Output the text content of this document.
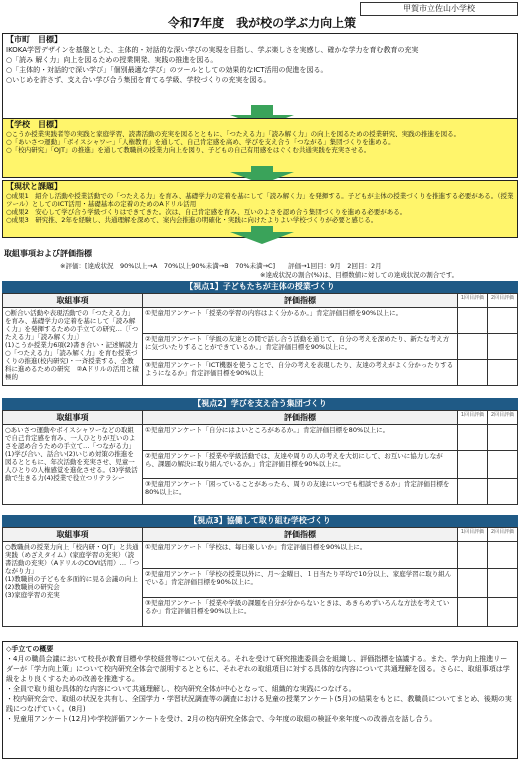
甲賀市立佐山小学校
令和7年度　我が校の学ぶ力向上策
【市町　目標】
IKOKA学習デザインを基盤とした、主体的・対話的な深い学びの実現を目指し、学ぶ楽しさを実感し、確かな学力を育む教育の充実
○「読み 解く力」向上を図るための授業開発、実践の推進を図る。
○「主体的・対話的で深い学び」「個別最適な学び」のツールとしての効果的なICT活用の促進を図る。
○いじめを許さず、支え合い学び合う集団を育てる学級、学校づくりの充実を図る。
【学校　目標】
○こうか授業実践者等の実践と家庭学習、読書活動の充実を図るとともに、「つたえる力」「読み解く力」の向上を図るための授業研究、実践の推進を図る。
○「あいさつ運動」「ボイスシャワー」「人権教育」を通して、自己肯定感を高め、学びを支え合う「つながる」集団づくりを進める。
○「校内研究」「OJT」の推進」を通して教職員の授業力向上を図り、子どもの自己有用感をはぐくむ共通実践を充実させる。
【現状と課題】
○成果1　紹介し活動や授業活動での「つたえる力」を育み、基礎学力の定着を基にして「読み解く力」を発揮する。子どもが主体の授業づくりを推進する必要がある。（授業ツール）としてのICT活用・基礎基本の定着のためのAドリル活用
○成果2　安心して学び合う学級づくりはできてきた。次は、自己肯定感を育み、互いのよさを認め合う集団づくりを進める必要がある。
○成果3　研究推、2年を経験し、共通理解を深めて、案内会推進の明確化・実践に向けたよりよい学校づくりが必要と感じる。
取組事項および評価指標
※評価：[達成状況　90%以上→A　70%以上90%未満→B　70%未満→C]　　評価→1回目：9月　2回目：2月
※達成状況の割合(%)は、目標数値に対しての達成状況の割合です。
【視点1】子どもたちが主体の授業づくり
取組事項	評価指標	1回目評価	2回目評価
○断合い活動や表現活動での「つたえる力」を育み、基礎学力の定着を基にして「読み解く力」を発揮するための手立ての研究…〔「つたえる力」「読み解く力」〕
(1)こうか授業力6項(2)書き合い・記述解読力
○「つたえる力」「読み解く力」を育む授業づくりの推進(校内研究)・一斉授業する、全教科に進めるための研究　②Aドリルの活用と積極的	①児童用アンケート「授業の学習の内容はよく分かるか。」肯定評価目標を90%以上に。		
	②児童用アンケート「学級の友達との間で話し合う活動を通じて、自分の考えを深めたり、新たな考え方に気づいたりすることができているか。」肯定評価目標を90%以上に。		
	③児童用アンケート「ICT機器を使うことで、自分の考えを表現したり、友達の考えがよく分かったりするようになるか」肯定評価目標を90%以上		
【視点2】学びを支え合う集団づくり
取組事項	評価指標	1回目評価	2回目評価
○あいさつ運動やボイスシャワーなどの取組で自己肯定感を育み、一人ひとりが互いのよさを認め合うための手立て…「つながる力」
(1)学び合い、話合い(2)いじめ対策の推進を図るとともに、年次活動を充実させ、児童一人ひとりの人権感覚を進化させる。(3)学級活動で生きる力(4)授業で役立つリテラシー	①児童用アンケート「自分にはよいところがあるか。」肯定評価目標を80%以上に。		
	②児童用アンケート「授業や学級活動では、友達や周りの人の考えを大切にして、お互いに協力しながら、課題の解決に取り組んでいるか。」肯定評価目標を90%以上に。		
	③児童用アンケート「困っていることがあったら、周りの友達にいつでも相談できるか」肯定評価目標を80%以上に。		
【視点3】協働して取り組む学校づくり
取組事項	評価指標	1回目評価	2回目評価
○教職員の授業力向上「校内研・OJT」と共通実践（めざえタイム）(家庭学習の充実）（読書活動の充実）（AドリルのCOVI活用）…「つながり力」
(1)教職員の子どもを多面的に見る会議の向上
(2)教職員の研究会
(3)家庭学習の充実	①児童用アンケート「学校は、毎日楽しいか」肯定評価目標を90%以上に。		
	②児童用アンケート「学校の授業以外に、月～金曜日、１日当たり平均で10分以上、家庭学習に取り組んでいる」肯定評価目標を90%以上に。		
	③児童用アンケート「授業や学級の課題を自分が分からないときは、あきらめずいろんな方法を考えているか」肯定評価目標を90%以上に。		
◇手立ての概要
・4月の職員会議において校長が教育目標や学校経営等について伝える。それを受けて研究推進委員会を組織し、評価指標を協議する。また、学力向上推進リーダーが「学力向上策」について校内研究全体会で説明するとともに、それぞれの取組項目に対する具体的な内容について共通理解を図る。さらに、取組事項は学級をより良くするための改善を推進する。
・全員で取り組む具体的な内容について共通理解し、校内研究全体が中心となって、組織的な実践につなげる。
・校内研究会で、取組の状況を共有し、全国学力・学習状況調査等の調査における児童の授業アンケート(5月)の結果をもとに、教職員についてまとめ、後期の実践につなげていく。(8月)
・児童用アンケート(12月)や学校評価アンケートを受け、2月の校内研究全体会で、今年度の取組の検証や来年度への改善点を話し合う。
